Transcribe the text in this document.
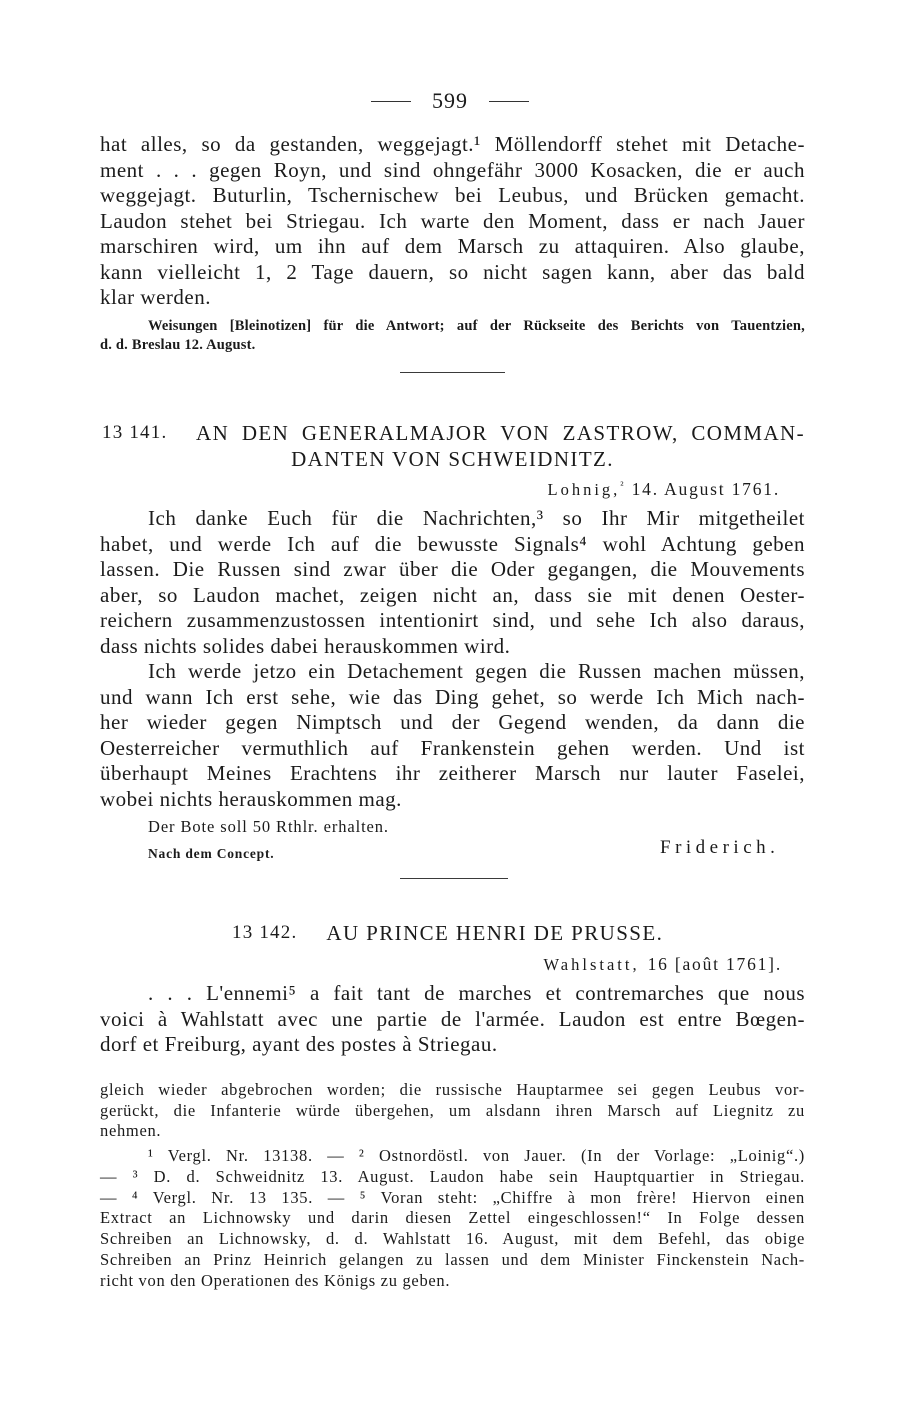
599
hat alles, so da gestanden, weggejagt.¹ Möllendorff stehet mit Detache-
ment . . . gegen Royn, und sind ohngefähr 3000 Kosacken, die er auch
weggejagt. Buturlin, Tschernischew bei Leubus, und Brücken gemacht.
Laudon stehet bei Striegau. Ich warte den Moment, dass er nach Jauer
marschiren wird, um ihn auf dem Marsch zu attaquiren. Also glaube,
kann vielleicht 1, 2 Tage dauern, so nicht sagen kann, aber das bald
klar werden.
Weisungen [Bleinotizen] für die Antwort; auf der Rückseite des Berichts von Tauentzien,
d. d. Breslau 12. August.
13 141.	AN DEN GENERALMAJOR VON ZASTROW, COMMAN-
DANTEN VON SCHWEIDNITZ.
Lohnig,$^{^2}$ 14. August 1761.
Ich danke Euch für die Nachrichten,³ so Ihr Mir mitgetheilet
habet, und werde Ich auf die bewusste Signals⁴ wohl Achtung geben
lassen. Die Russen sind zwar über die Oder gegangen, die Mouvements
aber, so Laudon machet, zeigen nicht an, dass sie mit denen Oester-
reichern zusammenzustossen intentionirt sind, und sehe Ich also daraus,
dass nichts solides dabei herauskommen wird.
Ich werde jetzo ein Detachement gegen die Russen machen müssen,
und wann Ich erst sehe, wie das Ding gehet, so werde Ich Mich nach-
her wieder gegen Nimptsch und der Gegend wenden, da dann die
Oesterreicher vermuthlich auf Frankenstein gehen werden. Und ist
überhaupt Meines Erachtens ihr zeitherer Marsch nur lauter Faselei,
wobei nichts herauskommen mag.
Der Bote soll 50 Rthlr. erhalten.
Nach dem Concept.	Friderich.
13 142. AU PRINCE HENRI DE PRUSSE.
Wahlstatt, 16 [août 1761].
. . . L'ennemi⁵ a fait tant de marches et contremarches que nous
voici à Wahlstatt avec une partie de l'armée. Laudon est entre Bœgen-
dorf et Freiburg, ayant des postes à Striegau.
gleich wieder abgebrochen worden; die russische Hauptarmee sei gegen Leubus vor-
gerückt, die Infanterie würde übergehen, um alsdann ihren Marsch auf Liegnitz zu
nehmen.
¹ Vergl. Nr. 13138. — ² Ostnordöstl. von Jauer. (In der Vorlage: „Loinig“.)
— ³ D. d. Schweidnitz 13. August. Laudon habe sein Hauptquartier in Striegau.
— ⁴ Vergl. Nr. 13 135. — ⁵ Voran steht: „Chiffre à mon frère! Hiervon einen
Extract an Lichnowsky und darin diesen Zettel eingeschlossen!“ In Folge dessen
Schreiben an Lichnowsky, d. d. Wahlstatt 16. August, mit dem Befehl, das obige
Schreiben an Prinz Heinrich gelangen zu lassen und dem Minister Finckenstein Nach-
richt von den Operationen des Königs zu geben.
